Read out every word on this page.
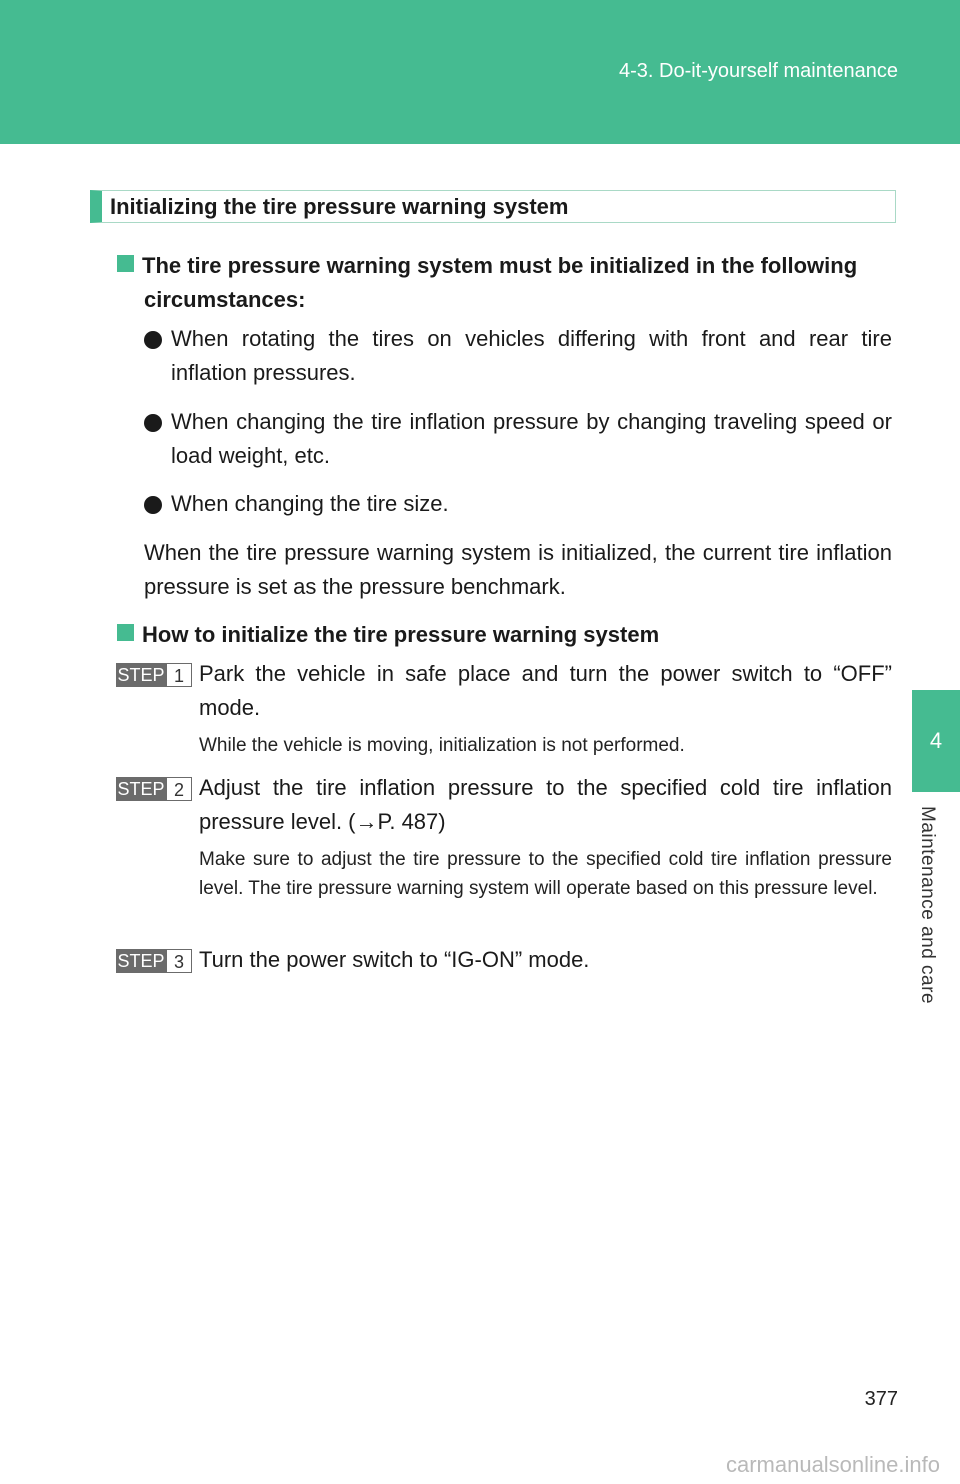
4-3. Do-it-yourself maintenance
4
Maintenance and care
Initializing the tire pressure warning system
The tire pressure warning system must be initialized in the following
circumstances:
When rotating the tires on vehicles differing with front and rear tire inflation pressures.
When changing the tire inflation pressure by changing traveling speed or load weight, etc.
When changing the tire size.
When the tire pressure warning system is initialized, the current tire inflation pressure is set as the pressure benchmark.
How to initialize the tire pressure warning system
STEP 1 Park the vehicle in safe place and turn the power switch to “OFF” mode.
While the vehicle is moving, initialization is not performed.
STEP 2 Adjust the tire inflation pressure to the specified cold tire inflation pressure level. (→P. 487)
Make sure to adjust the tire pressure to the specified cold tire inflation pressure level. The tire pressure warning system will operate based on this pressure level.
STEP 3 Turn the power switch to “IG-ON” mode.
377
carmanualsonline.info
